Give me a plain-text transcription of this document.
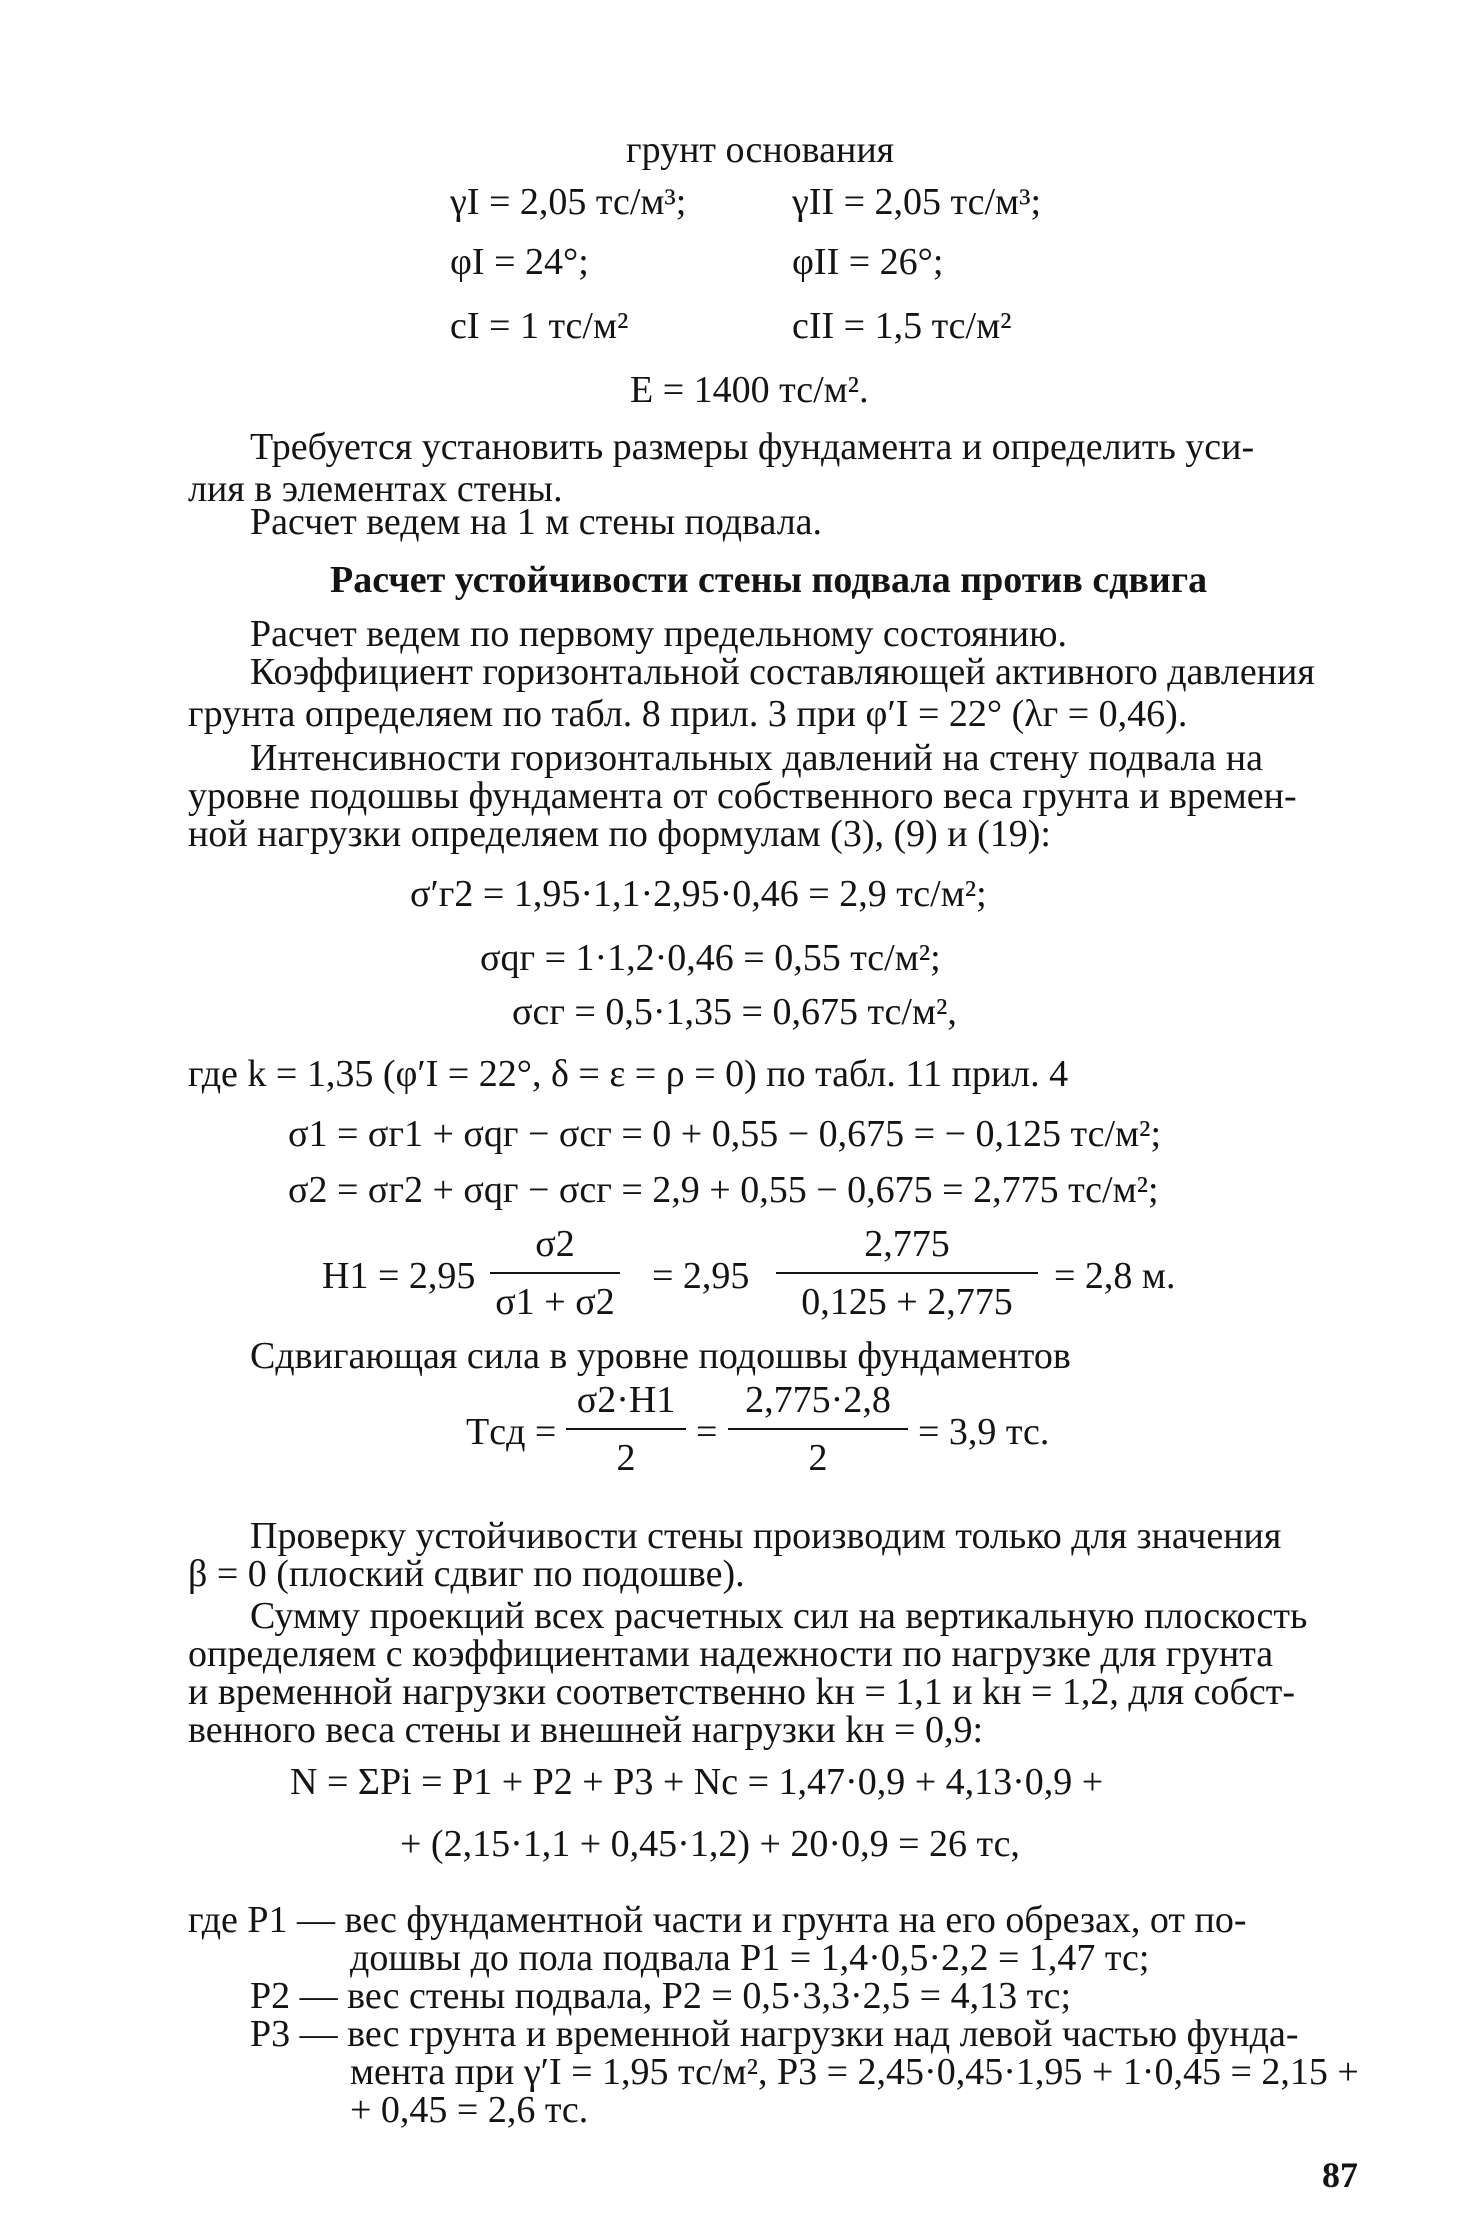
грунт основания
γI = 2,05 тс/м³;	γII = 2,05 тс/м³;
φI = 24°;	φII = 26°;
cI = 1 тс/м²	cII = 1,5 тс/м²
E = 1400 тс/м².
Требуется установить размеры фундамента и определить уси-
лия в элементах стены.
Расчет ведем на 1 м стены подвала.
Расчет устойчивости стены подвала против сдвига
Расчет ведем по первому предельному состоянию.
Коэффициент горизонтальной составляющей активного давления
грунта определяем по табл. 8 прил. 3 при φ′I = 22° (λг = 0,46).
Интенсивности горизонтальных давлений на стену подвала на
уровне подошвы фундамента от собственного веса грунта и времен-
ной нагрузки определяем по формулам (3), (9) и (19):
σ′г2 = 1,95·1,1·2,95·0,46 = 2,9 тс/м²;
σqг = 1·1,2·0,46 = 0,55 тс/м²;
σсг = 0,5·1,35 = 0,675 тс/м²,
где k = 1,35 (φ′I = 22°, δ = ε = ρ = 0) по табл. 11 прил. 4
σ1 = σг1 + σqг − σсг = 0 + 0,55 − 0,675 = − 0,125 тс/м²;
σ2 = σг2 + σqг − σсг = 2,9 + 0,55 − 0,675 = 2,775 тс/м²;
H1 = 2,95
σ2
σ1 + σ2
= 2,95
2,775
0,125 + 2,775
= 2,8 м.
Сдвигающая сила в уровне подошвы фундаментов
Tсд =
σ2·H1
2
=
2,775·2,8
2
= 3,9 тс.
Проверку устойчивости стены производим только для значения
β = 0 (плоский сдвиг по подошве).
Сумму проекций всех расчетных сил на вертикальную плоскость
определяем с коэффициентами надежности по нагрузке для грунта
и временной нагрузки соответственно kн = 1,1 и kн = 1,2, для собст-
венного веса стены и внешней нагрузки kн = 0,9:
N = ΣPi = P1 + P2 + P3 + Nс = 1,47·0,9 + 4,13·0,9 +
+ (2,15·1,1 + 0,45·1,2) + 20·0,9 = 26 тс,
где P1 — вес фундаментной части и грунта на его обрезах, от по-
дошвы до пола подвала P1 = 1,4·0,5·2,2 = 1,47 тс;
P2 — вес стены подвала, P2 = 0,5·3,3·2,5 = 4,13 тс;
P3 — вес грунта и временной нагрузки над левой частью фунда-
мента при γ′I = 1,95 тс/м², P3 = 2,45·0,45·1,95 + 1·0,45 = 2,15 +
+ 0,45 = 2,6 тс.
87
